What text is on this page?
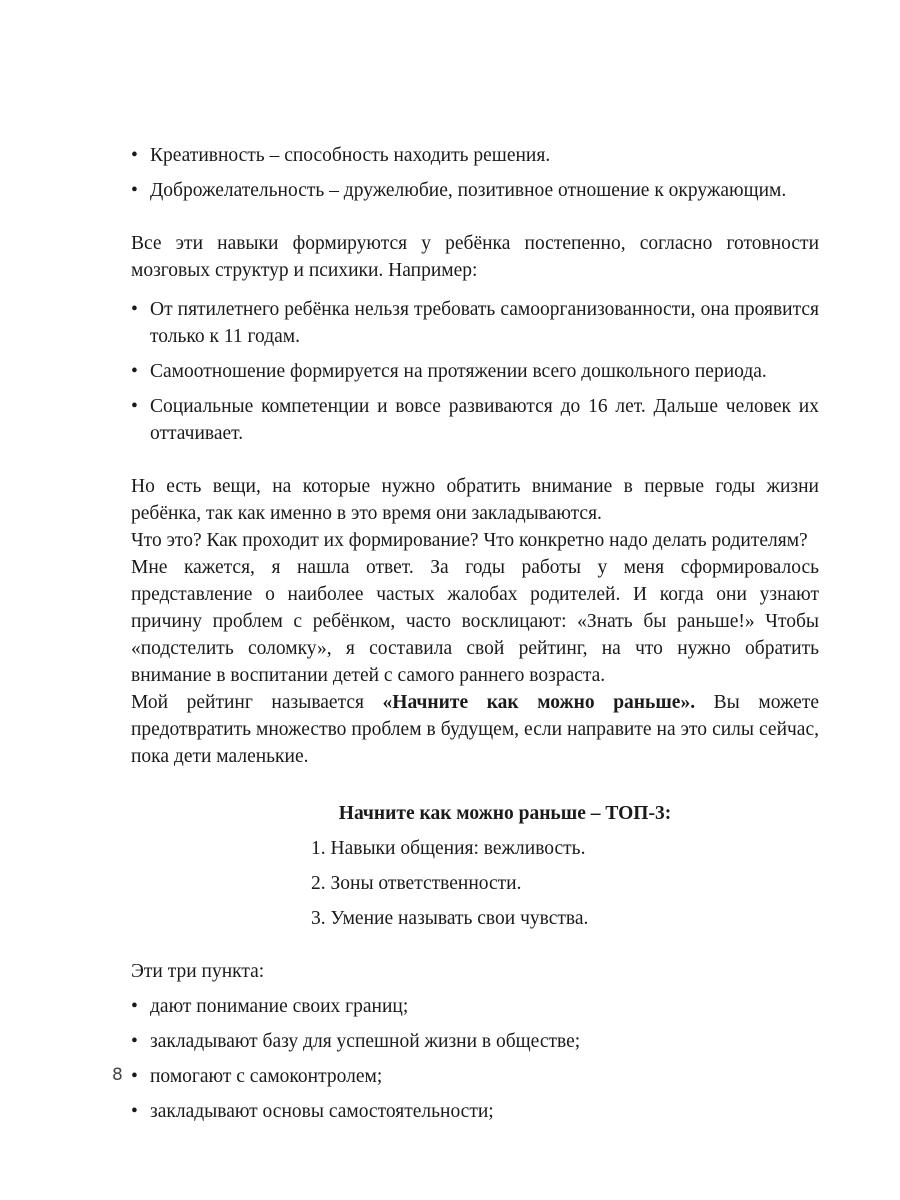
• Креативность – способность находить решения.
• Доброжелательность – дружелюбие, позитивное отношение к окружающим.

Все эти навыки формируются у ребёнка постепенно, согласно готовности мозговых структур и психики. Например:

• От пятилетнего ребёнка нельзя требовать самоорганизованности, она проявится только к 11 годам.
• Самоотношение формируется на протяжении всего дошкольного периода.
• Социальные компетенции и вовсе развиваются до 16 лет. Дальше человек их оттачивает.

Но есть вещи, на которые нужно обратить внимание в первые годы жизни ребёнка, так как именно в это время они закладываются.

Что это? Как проходит их формирование? Что конкретно надо делать родителям?

Мне кажется, я нашла ответ. За годы работы у меня сформировалось представление о наиболее частых жалобах родителей. И когда они узнают причину проблем с ребёнком, часто восклицают: «Знать бы раньше!» Чтобы «подстелить соломку», я составила свой рейтинг, на что нужно обратить внимание в воспитании детей с самого раннего возраста.

Мой рейтинг называется «Начните как можно раньше». Вы можете предотвратить множество проблем в будущем, если направите на это силы сейчас, пока дети маленькие.

Начните как можно раньше – ТОП-3:

1. Навыки общения: вежливость.
2. Зоны ответственности.
3. Умение называть свои чувства.

Эти три пункта:

• дают понимание своих границ;
• закладывают базу для успешной жизни в обществе;
• помогают с самоконтролем;
• закладывают основы самостоятельности;
8
